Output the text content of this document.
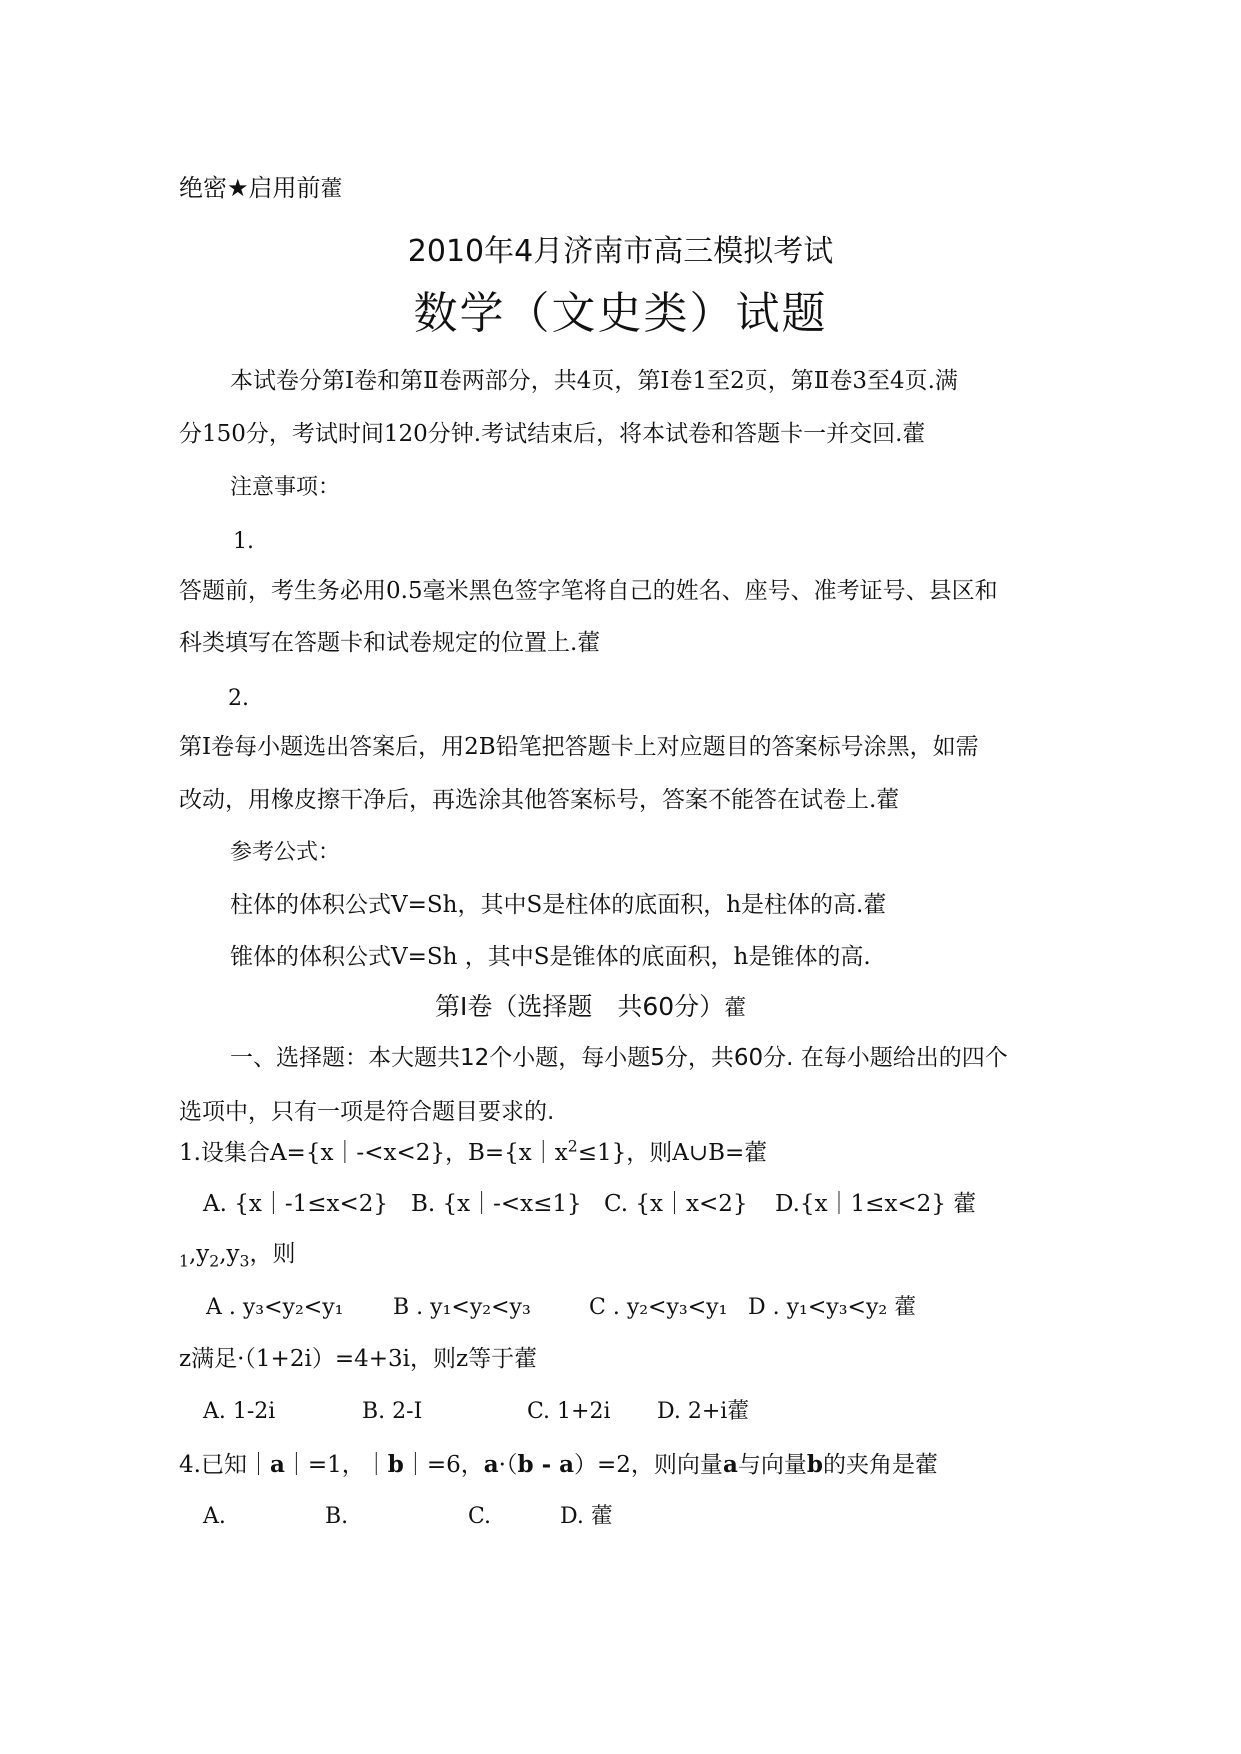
绝密★启用前藿
2010年4月济南市高三模拟考试
数学（文史类）试题
本试卷分第Ⅰ卷和第Ⅱ卷两部分，共4页，第Ⅰ卷1至2页，第Ⅱ卷3至4页.满
分150分，考试时间120分钟.考试结束后，将本试卷和答题卡一并交回.藿
注意事项：
1.
答题前，考生务必用0.5毫米黑色签字笔将自己的姓名、座号、准考证号、县区和
科类填写在答题卡和试卷规定的位置上.藿
2.
第Ⅰ卷每小题选出答案后，用2B铅笔把答题卡上对应题目的答案标号涂黑，如需
改动，用橡皮擦干净后，再选涂其他答案标号，答案不能答在试卷上.藿
参考公式：
柱体的体积公式V=Sh，其中S是柱体的底面积，h是柱体的高.藿
锥体的体积公式V=Sh ，其中S是锥体的底面积，h是锥体的高.
第Ⅰ卷（选择题　共60分）藿
一、选择题：本大题共12个小题，每小题5分，共60分. 在每小题给出的四个
选项中，只有一项是符合题目要求的.
1.设集合A={x｜-<x<2}，$B=\{x|x^2\le 1\}$，则A∪B=藿
A. {x｜-1≤x<2} B. {x｜-<x≤1} C. {x｜x<2} D.{x｜1≤x<2} 藿
$_1,y_2,y_3$，则
A . y₃<y₂<y₁ B . y₁<y₂<y₃	C . y₂<y₃<y₁ D . y₁<y₃<y₂ 藿
z满足·（1+2i）=4+3i，则z等于藿
A. 1-2i	B. 2-I	C. 1+2i D. 2+i藿
4.已知｜a｜=1，｜b｜=6，a·（b - a）=2，则向量a与向量b的夹角是藿
A.	B.	C.	D. 藿
